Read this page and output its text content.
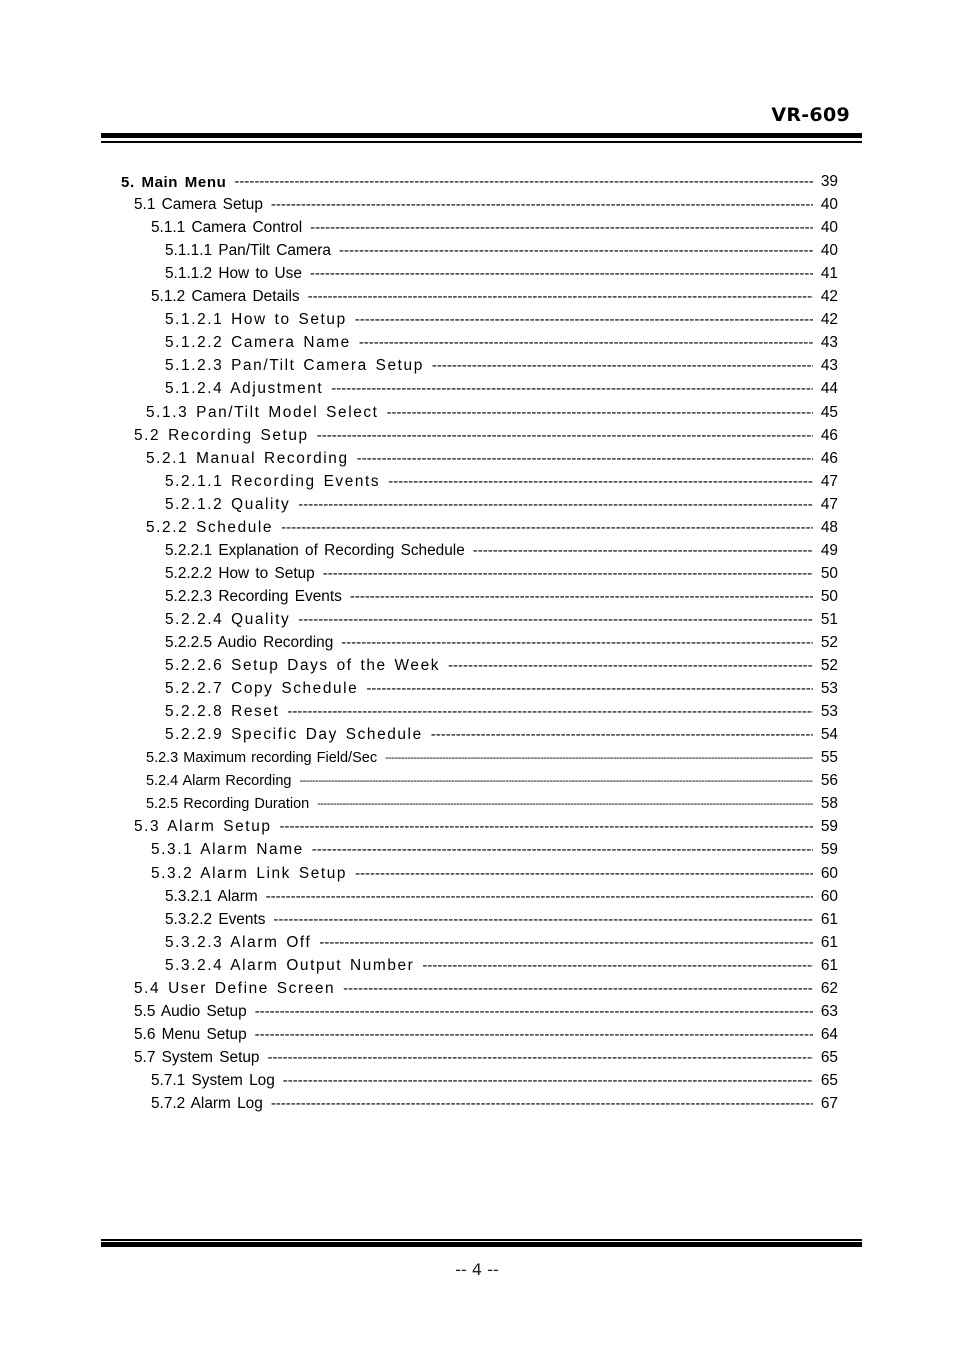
VR-609
5. Main Menu -----	39
5.1 Camera Setup -----	40
5.1.1 Camera Control -----	40
5.1.1.1 Pan/Tilt Camera -----	40
5.1.1.2 How to Use -----	41
5.1.2 Camera Details -----	42
5.1.2.1 How to Setup -----	42
5.1.2.2 Camera Name -----	43
5.1.2.3 Pan/Tilt Camera Setup -----	43
5.1.2.4 Adjustment -----	44
5.1.3 Pan/Tilt Model Select -----	45
5.2 Recording Setup -----	46
5.2.1 Manual Recording -----	46
5.2.1.1 Recording Events -----	47
5.2.1.2 Quality -----	47
5.2.2 Schedule -----	48
5.2.2.1 Explanation of Recording Schedule -----	49
5.2.2.2 How to Setup -----	50
5.2.2.3 Recording Events -----	50
5.2.2.4 Quality -----	51
5.2.2.5 Audio Recording -----	52
5.2.2.6 Setup Days of the Week -----	52
5.2.2.7 Copy Schedule -----	53
5.2.2.8 Reset -----	53
5.2.2.9 Specific Day Schedule -----	54
5.2.3 Maximum recording Field/Sec -----	55
5.2.4 Alarm Recording -----	56
5.2.5 Recording Duration -----	58
5.3 Alarm Setup -----	59
5.3.1 Alarm Name -----	59
5.3.2 Alarm Link Setup -----	60
5.3.2.1 Alarm -----	60
5.3.2.2 Events -----	61
5.3.2.3 Alarm Off -----	61
5.3.2.4 Alarm Output Number -----	61
5.4 User Define Screen -----	62
5.5 Audio Setup -----	63
5.6 Menu Setup -----	64
5.7 System Setup -----	65
5.7.1 System Log -----	65
5.7.2 Alarm Log -----	67
-- 4 --
